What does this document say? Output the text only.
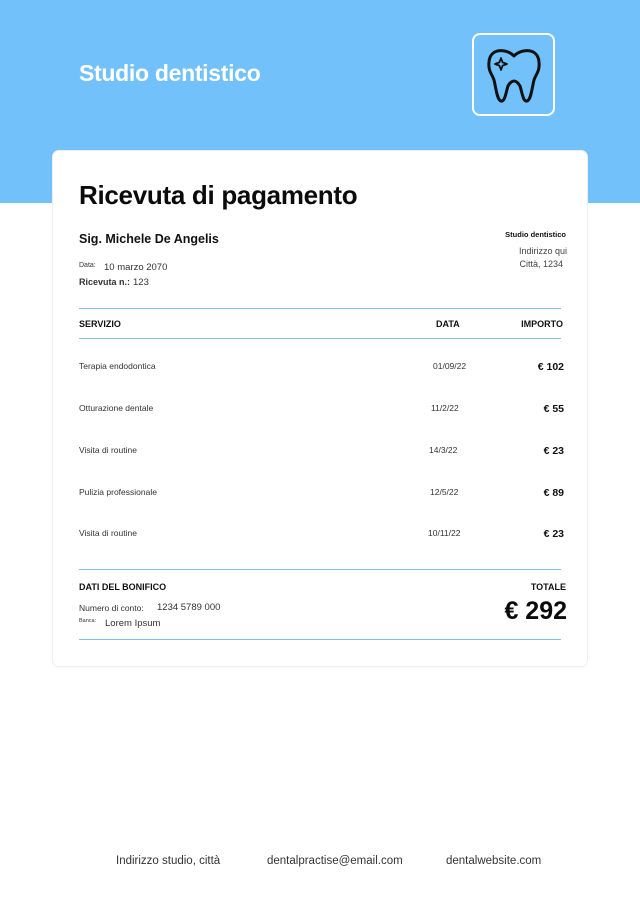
Studio dentistico
Ricevuta di pagamento
Sig. Michele De Angelis
Data: 10 marzo 2070
Ricevuta n.: 123
Studio dentistico
Indirizzo qui
Città, 1234
SERVIZIO	DATA	IMPORTO
Terapia endodontica	01/09/22	€ 102
Otturazione dentale	11/2/22	€ 55
Visita di routine	14/3/22	€ 23
Pulizia professionale	12/5/22	€ 89
Visita di routine	10/11/22	€ 23
DATI DEL BONIFICO	TOTALE
€ 292
Numero di conto: 1234 5789 000
Banca: Lorem Ipsum
Indirizzo studio, città	dentalpractise@email.com	dentalwebsite.com
